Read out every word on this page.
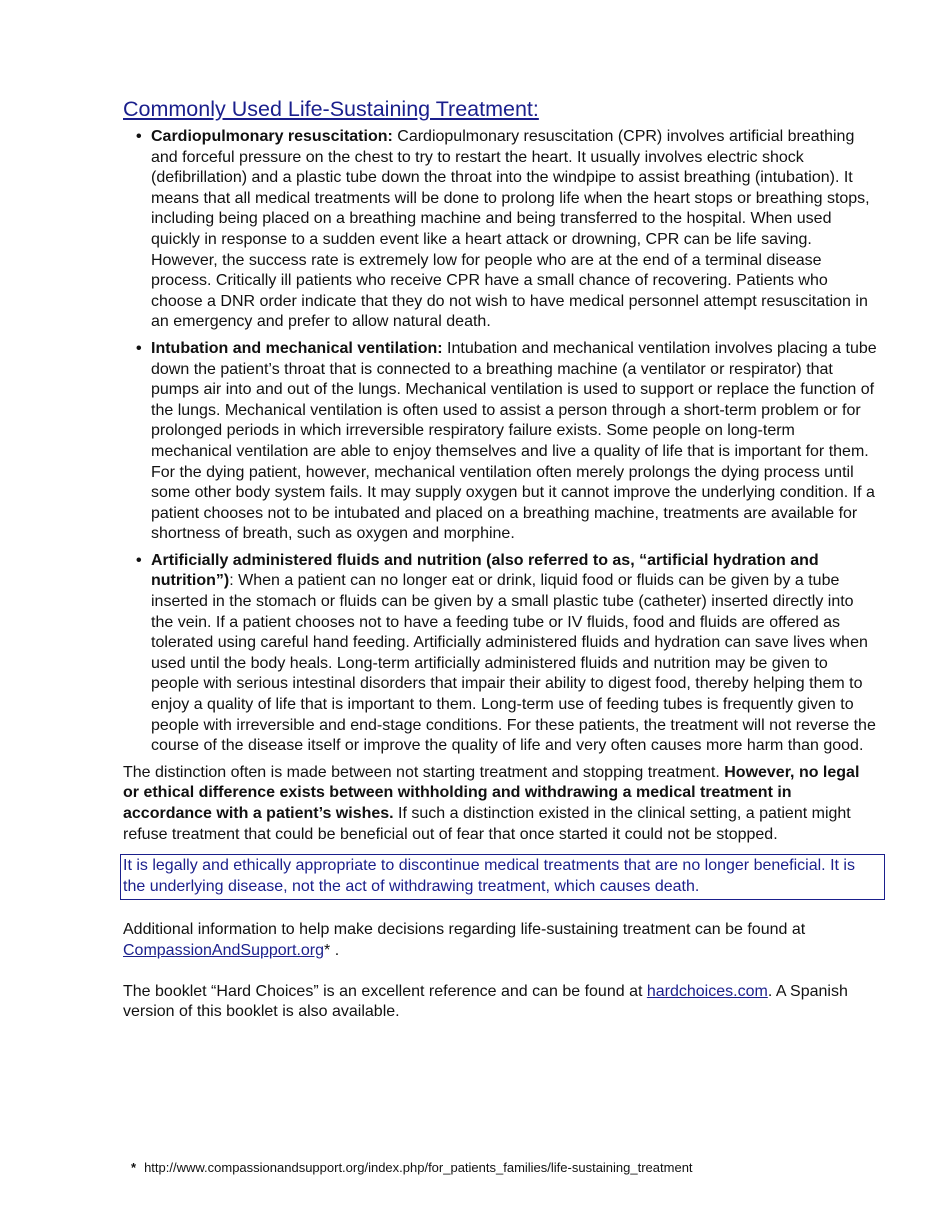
Commonly Used Life-Sustaining Treatment:
• Cardiopulmonary resuscitation: Cardiopulmonary resuscitation (CPR) involves artificial breathing and forceful pressure on the chest to try to restart the heart. It usually involves electric shock (defibrillation) and a plastic tube down the throat into the windpipe to assist breathing (intubation). It means that all medical treatments will be done to prolong life when the heart stops or breathing stops, including being placed on a breathing machine and being transferred to the hospital. When used quickly in response to a sudden event like a heart attack or drowning, CPR can be life saving. However, the success rate is extremely low for people who are at the end of a terminal disease process. Critically ill patients who receive CPR have a small chance of recovering. Patients who choose a DNR order indicate that they do not wish to have medical personnel attempt resuscitation in an emergency and prefer to allow natural death.
• Intubation and mechanical ventilation: Intubation and mechanical ventilation involves placing a tube down the patient’s throat that is connected to a breathing machine (a ventilator or respirator) that pumps air into and out of the lungs. Mechanical ventilation is used to support or replace the function of the lungs. Mechanical ventilation is often used to assist a person through a short-term problem or for prolonged periods in which irreversible respiratory failure exists. Some people on long-term mechanical ventilation are able to enjoy themselves and live a quality of life that is important for them. For the dying patient, however, mechanical ventilation often merely prolongs the dying process until some other body system fails. It may supply oxygen but it cannot improve the underlying condition. If a patient chooses not to be intubated and placed on a breathing machine, treatments are available for shortness of breath, such as oxygen and morphine.
• Artificially administered fluids and nutrition (also referred to as, “artificial hydration and nutrition”): When a patient can no longer eat or drink, liquid food or fluids can be given by a tube inserted in the stomach or fluids can be given by a small plastic tube (catheter) inserted directly into the vein. If a patient chooses not to have a feeding tube or IV fluids, food and fluids are offered as tolerated using careful hand feeding. Artificially administered fluids and hydration can save lives when used until the body heals. Long-term artificially administered fluids and nutrition may be given to people with serious intestinal disorders that impair their ability to digest food, thereby helping them to enjoy a quality of life that is important to them. Long-term use of feeding tubes is frequently given to people with irreversible and end-stage conditions. For these patients, the treatment will not reverse the course of the disease itself or improve the quality of life and very often causes more harm than good.

The distinction often is made between not starting treatment and stopping treatment. However, no legal or ethical difference exists between withholding and withdrawing a medical treatment in accordance with a patient’s wishes. If such a distinction existed in the clinical setting, a patient might refuse treatment that could be beneficial out of fear that once started it could not be stopped.

It is legally and ethically appropriate to discontinue medical treatments that are no longer beneficial. It is the underlying disease, not the act of withdrawing treatment, which causes death.

Additional information to help make decisions regarding life-sustaining treatment can be found at CompassionAndSupport.org* .

The booklet “Hard Choices” is an excellent reference and can be found at hardchoices.com. A Spanish version of this booklet is also available.

* http://www.compassionandsupport.org/index.php/for_patients_families/life-sustaining_treatment
